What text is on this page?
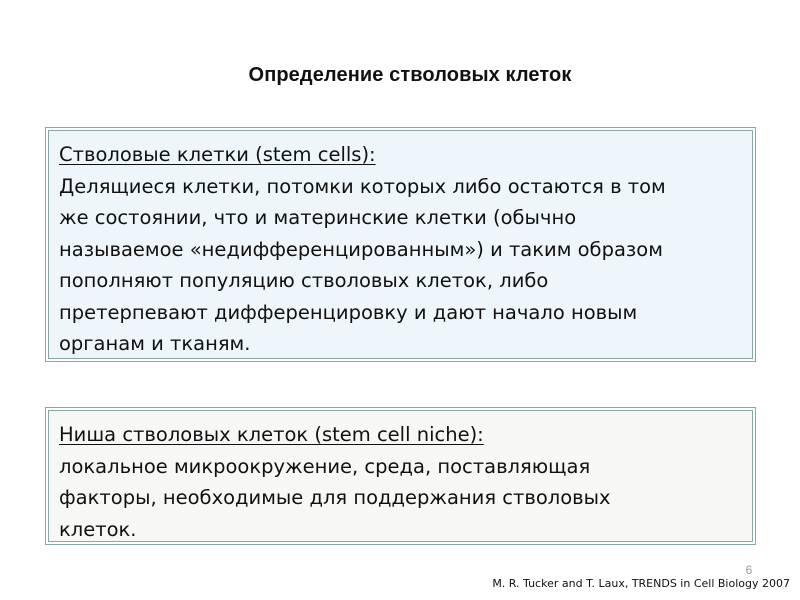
Определение стволовых клеток
Стволовые клетки (stem cells):
Делящиеся клетки, потомки которых либо остаются в том
же состоянии, что и материнские клетки (обычно
называемое «недифференцированным») и таким образом
пополняют популяцию стволовых клеток, либо
претерпевают дифференцировку и дают начало новым
органам и тканям.
Ниша стволовых клеток (stem cell niche):
локальное микроокружение, среда, поставляющая
факторы, необходимые для поддержания стволовых
клеток.
6
M. R. Tucker and T. Laux, TRENDS in Cell Biology 2007
